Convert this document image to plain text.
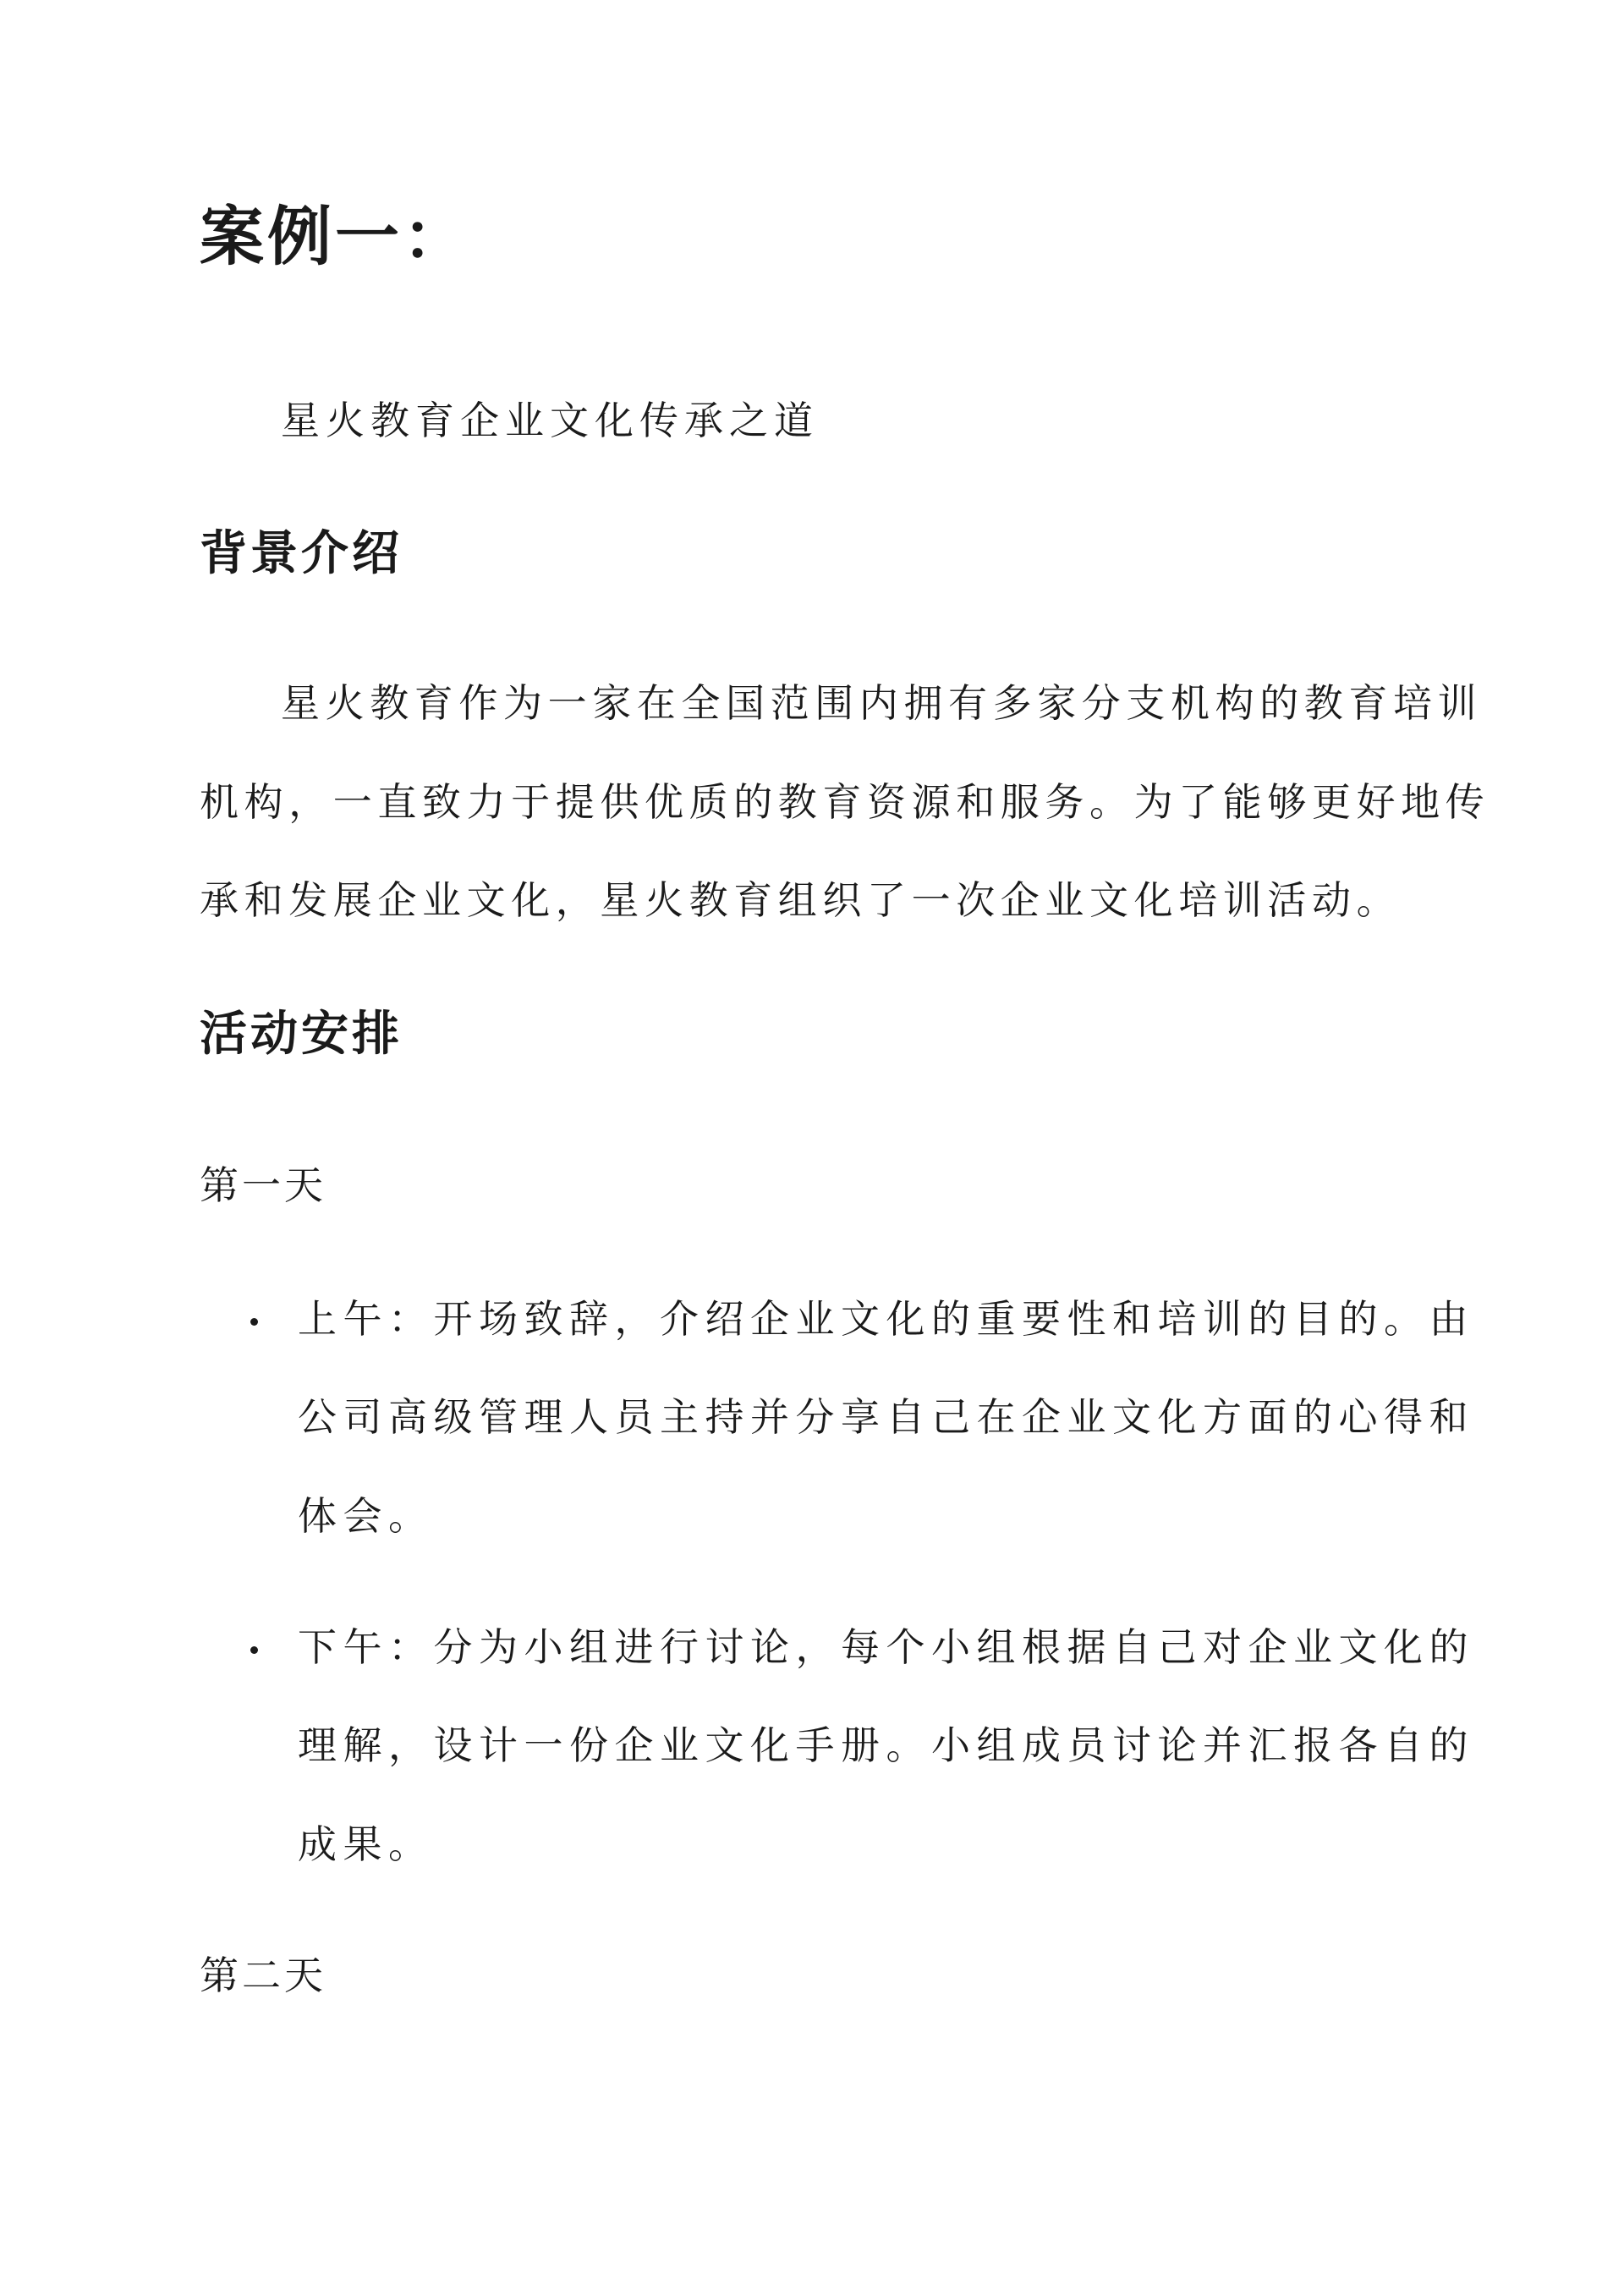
案例一：
星火教育企业文化传承之道
背景介绍
星火教育作为一家在全国范围内拥有多家分支机构的教育培训
机构，一直致力于提供优质的教育资源和服务。为了能够更好地传
承和发展企业文化，星火教育组织了一次企业文化培训活动。
活动安排
第一天
上午：开场致辞，介绍企业文化的重要性和培训的目的。由
公司高级管理人员主持并分享自己在企业文化方面的心得和
体会。
下午：分为小组进行讨论，每个小组根据自己对企业文化的
理解，设计一份企业文化手册。小组成员讨论并汇报各自的
成果。
第二天
